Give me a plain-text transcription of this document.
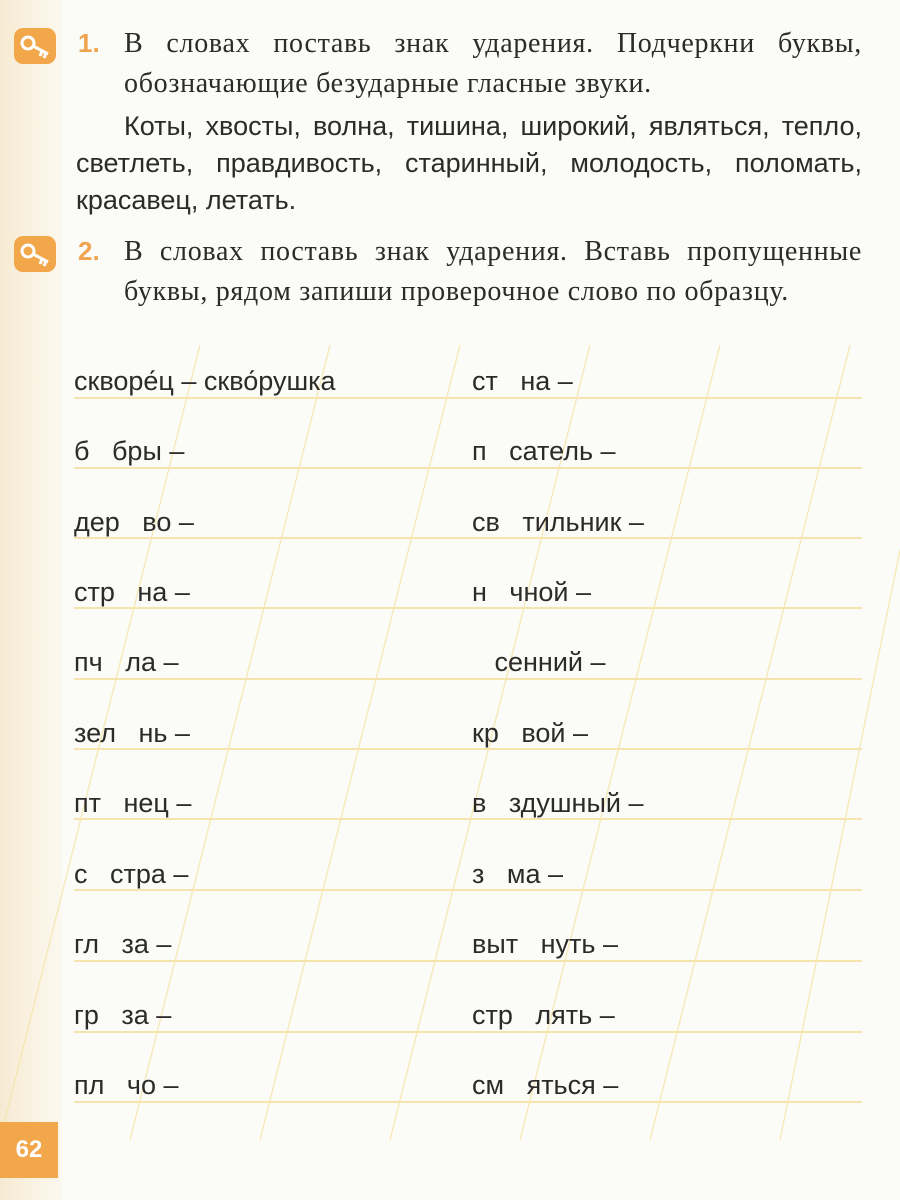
1. В словах поставь знак ударения. Подчеркни буквы, обозначающие безударные гласные звуки.
Коты, хвосты, волна, тишина, широкий, являться, тепло, светлеть, правдивость, старинный, молодость, поломать, красавец, летать.
2. В словах поставь знак ударения. Вставь пропущенные буквы, рядом запиши проверочное слово по образцу.
скворе́ц – скво́рушка
б   бры –
дер   во –
стр   на –
пч   ла –
зел   нь –
пт   нец –
с   стра –
гл   за –
гр   за –
пл   чо –
ст   на –
п   сатель –
св   тильник –
н   чной –
сенний –
кр   вой –
в   здушный –
з   ма –
выт   нуть –
стр   лять –
см   яться –
62
